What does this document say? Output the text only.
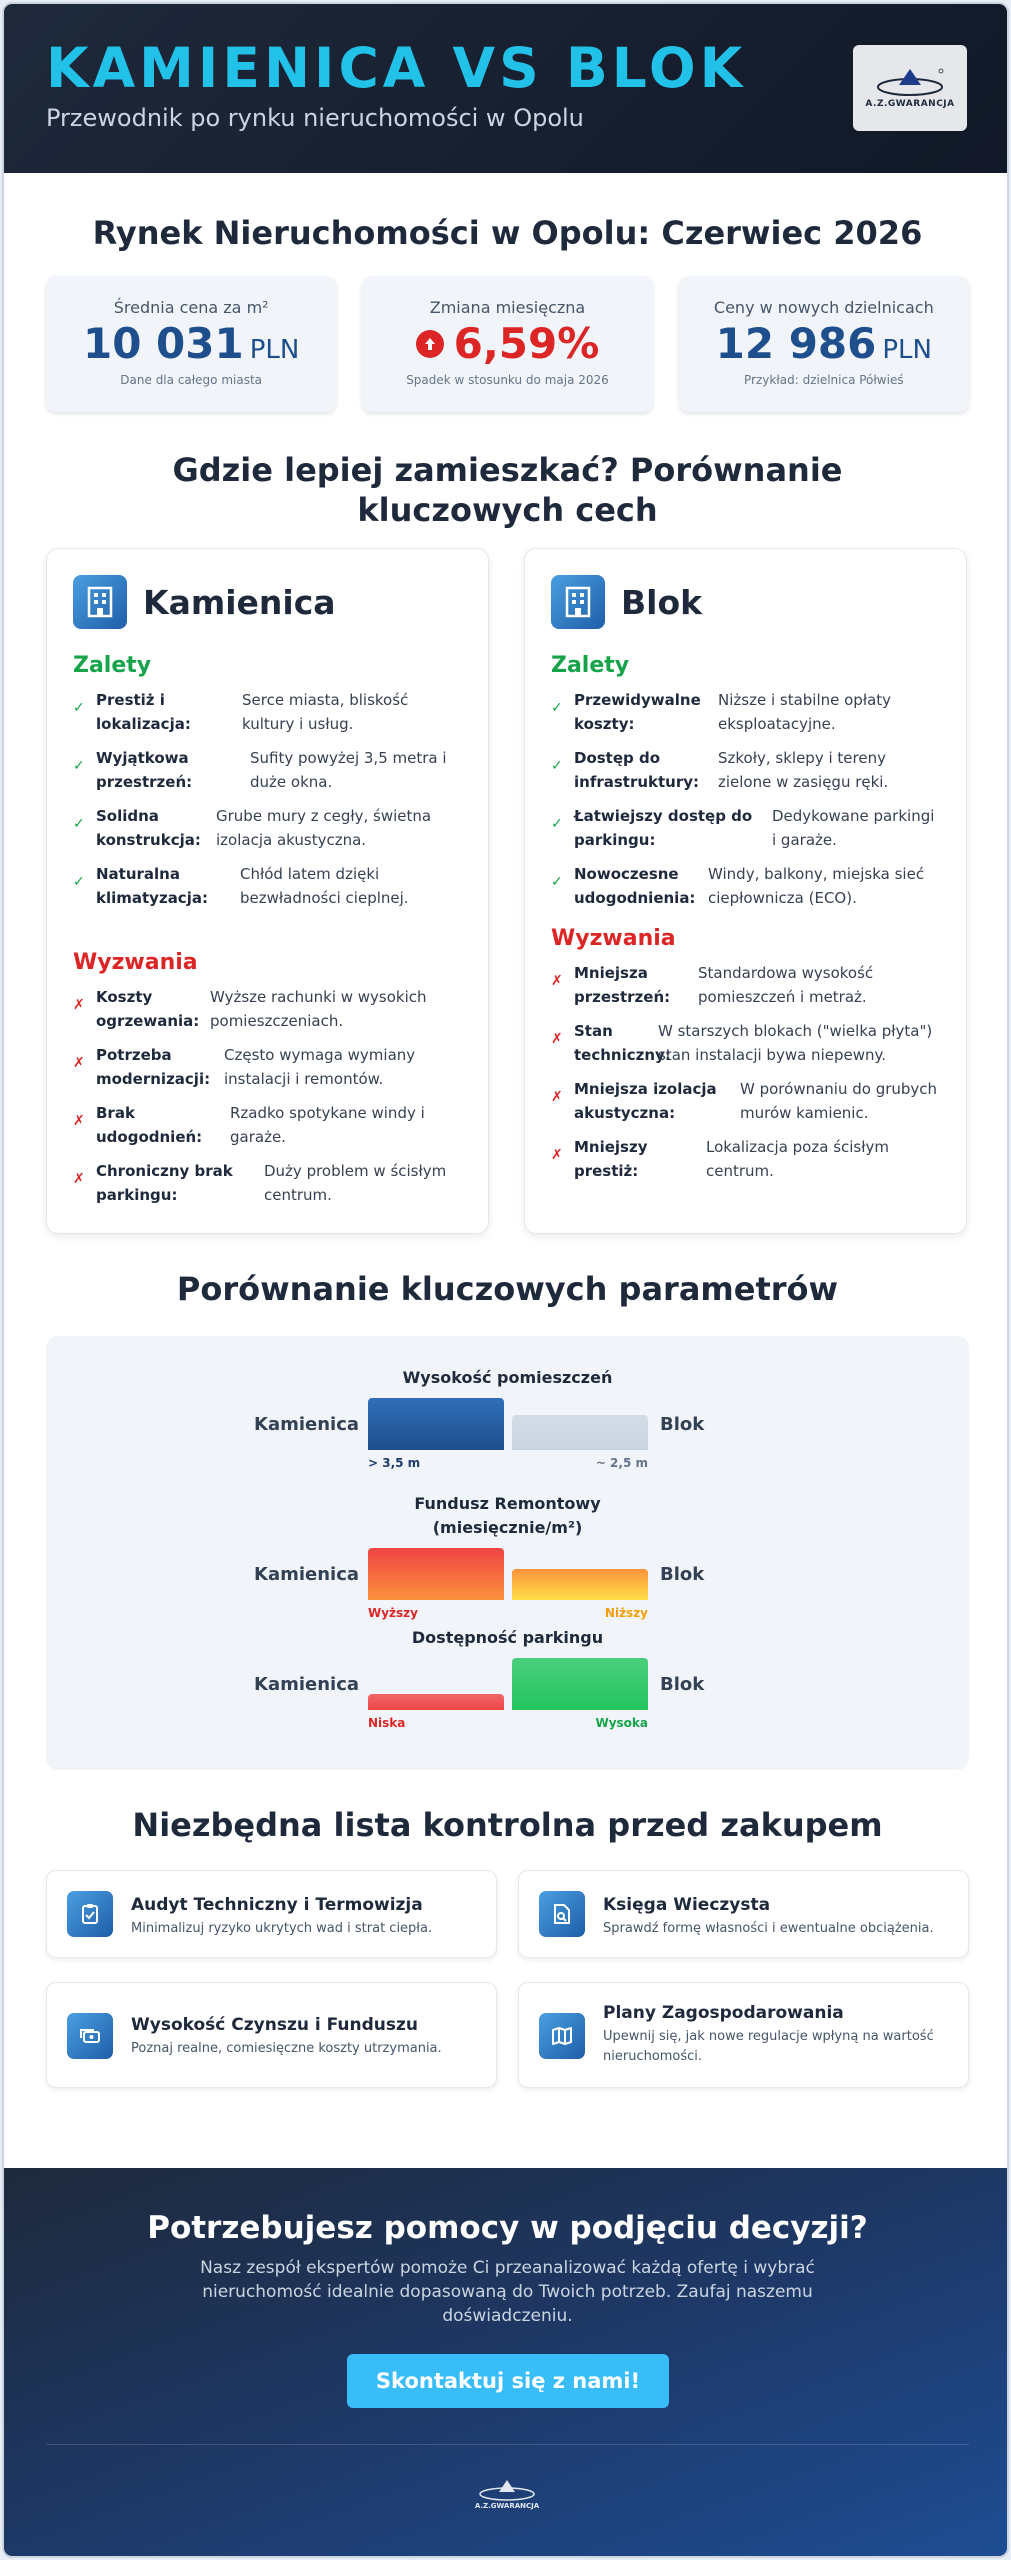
KAMIENICA VS BLOK
Przewodnik po rynku nieruchomości w Opolu	A.Z.GWARANCJA
Rynek Nieruchomości w Opolu: Czerwiec 2026
Średnia cena za m²
10 031 PLN
Dane dla całego miasta
Zmiana miesięczna
6,59%
Spadek w stosunku do maja 2026
Ceny w nowych dzielnicach
12 986 PLN
Przykład: dzielnica Półwieś
Gdzie lepiej zamieszkać? Porównanie kluczowych cech
Kamienica
Zalety
✓ Prestiż i lokalizacja:
Serce miasta, bliskość kultury i usług.
✓ Wyjątkowa przestrzeń:
Sufity powyżej 3,5 metra i duże okna.
✓ Solidna konstrukcja:
Grube mury z cegły, świetna izolacja akustyczna.
✓ Naturalna klimatyzacja:
Chłód latem dzięki bezwładności cieplnej.
Wyzwania
✗ Koszty ogrzewania:
Wyższe rachunki w wysokich pomieszczeniach.
✗ Potrzeba modernizacji:
Często wymaga wymiany instalacji i remontów.
✗ Brak udogodnień:
Rzadko spotykane windy i garaże.
✗ Chroniczny brak parkingu:
Duży problem w ścisłym centrum.
Blok
Zalety
✓ Przewidywalne koszty:
Niższe i stabilne opłaty eksploatacyjne.
✓ Dostęp do infrastruktury:
Szkoły, sklepy i tereny zielone w zasięgu ręki.
✓ Łatwiejszy dostęp do parkingu:
Dedykowane parkingi i garaże.
✓ Nowoczesne udogodnienia:
Windy, balkony, miejska sieć ciepłownicza (ECO).
Wyzwania
✗ Mniejsza przestrzeń:
Standardowa wysokość pomieszczeń i metraż.
✗ Stan techniczny:
W starszych blokach ("wielka płyta") stan instalacji bywa niepewny.
✗ Mniejsza izolacja akustyczna:
W porównaniu do grubych murów kamienic.
✗ Mniejszy prestiż:
Lokalizacja poza ścisłym centrum.
Porównanie kluczowych parametrów
Wysokość pomieszczeń
Kamienica	Blok
> 3,5 m	~ 2,5 m
Fundusz Remontowy (miesięcznie/m²)
Kamienica	Blok
Wyższy	Niższy
Dostępność parkingu
Kamienica	Blok
Niska	Wysoka
Niezbędna lista kontrolna przed zakupem
Audyt Techniczny i Termowizja
Minimalizuj ryzyko ukrytych wad i strat ciepła.
Księga Wieczysta
Sprawdź formę własności i ewentualne obciążenia.
Wysokość Czynszu i Funduszu
Poznaj realne, comiesięczne koszty utrzymania.
Plany Zagospodarowania
Upewnij się, jak nowe regulacje wpłyną na wartość nieruchomości.
Potrzebujesz pomocy w podjęciu decyzji?

Nasz zespół ekspertów pomoże Ci przeanalizować każdą ofertę i wybrać nieruchomość idealnie dopasowaną do Twoich potrzeb. Zaufaj naszemu doświadczeniu.

Skontaktuj się z nami!
A.Z.GWARANCJA
